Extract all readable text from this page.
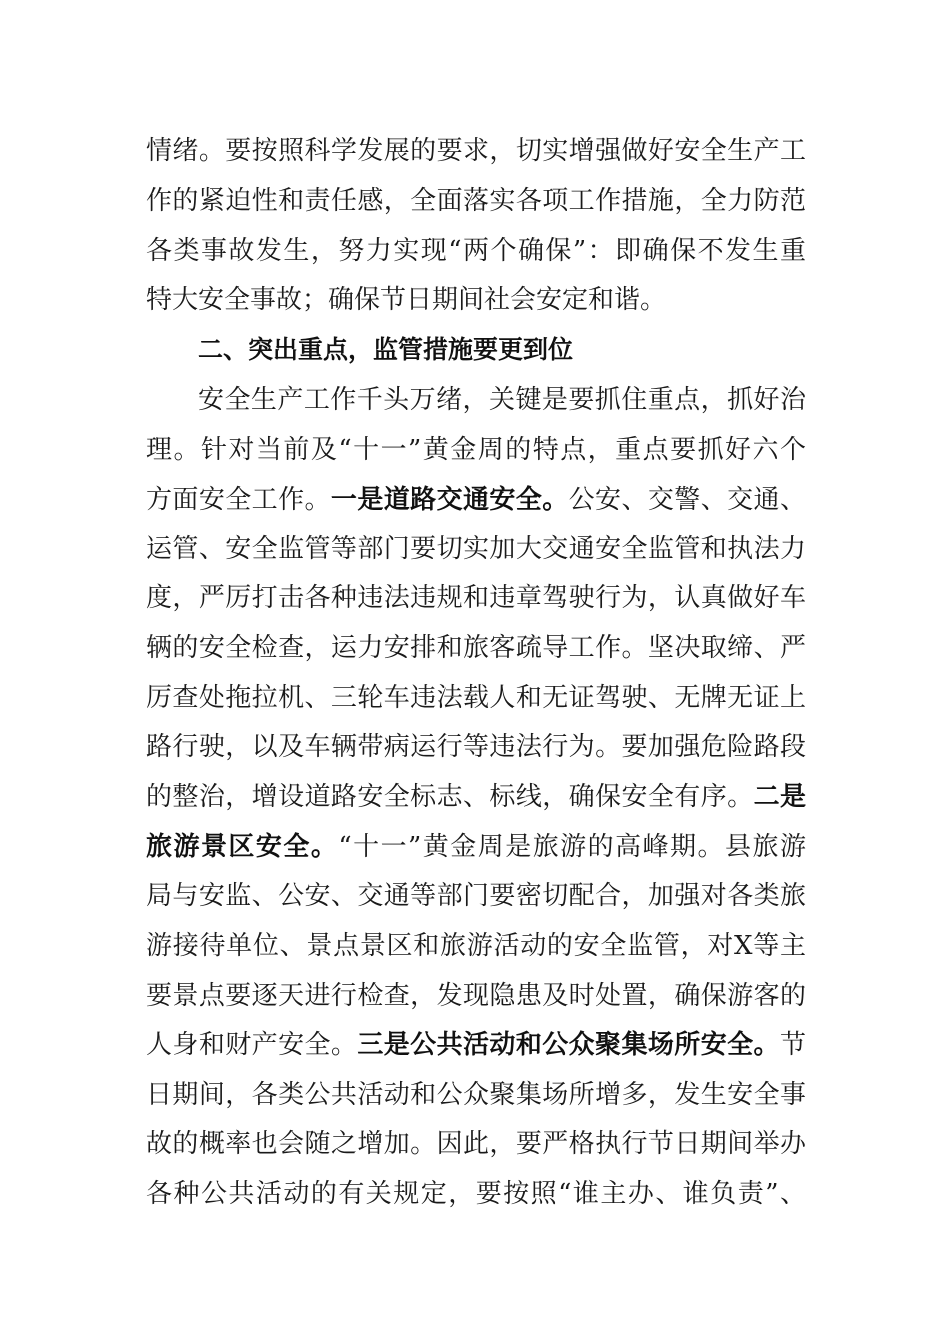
情绪。要按照科学发展的要求，切实增强做好安全生产工
作的紧迫性和责任感，全面落实各项工作措施，全力防范
各类事故发生，努力实现“两个确保”：即确保不发生重
特大安全事故；确保节日期间社会安定和谐。
二、突出重点，监管措施要更到位
安全生产工作千头万绪，关键是要抓住重点，抓好治
理。针对当前及“十一”黄金周的特点，重点要抓好六个
方面安全工作。一是道路交通安全。公安、交警、交通、
运管、安全监管等部门要切实加大交通安全监管和执法力
度，严厉打击各种违法违规和违章驾驶行为，认真做好车
辆的安全检查，运力安排和旅客疏导工作。坚决取缔、严
厉查处拖拉机、三轮车违法载人和无证驾驶、无牌无证上
路行驶，以及车辆带病运行等违法行为。要加强危险路段
的整治，增设道路安全标志、标线，确保安全有序。二是
旅游景区安全。“十一”黄金周是旅游的高峰期。县旅游
局与安监、公安、交通等部门要密切配合，加强对各类旅
游接待单位、景点景区和旅游活动的安全监管，对X等主
要景点要逐天进行检查，发现隐患及时处置，确保游客的
人身和财产安全。三是公共活动和公众聚集场所安全。节
日期间，各类公共活动和公众聚集场所增多，发生安全事
故的概率也会随之增加。因此，要严格执行节日期间举办
各种公共活动的有关规定，要按照“谁主办、谁负责”、
